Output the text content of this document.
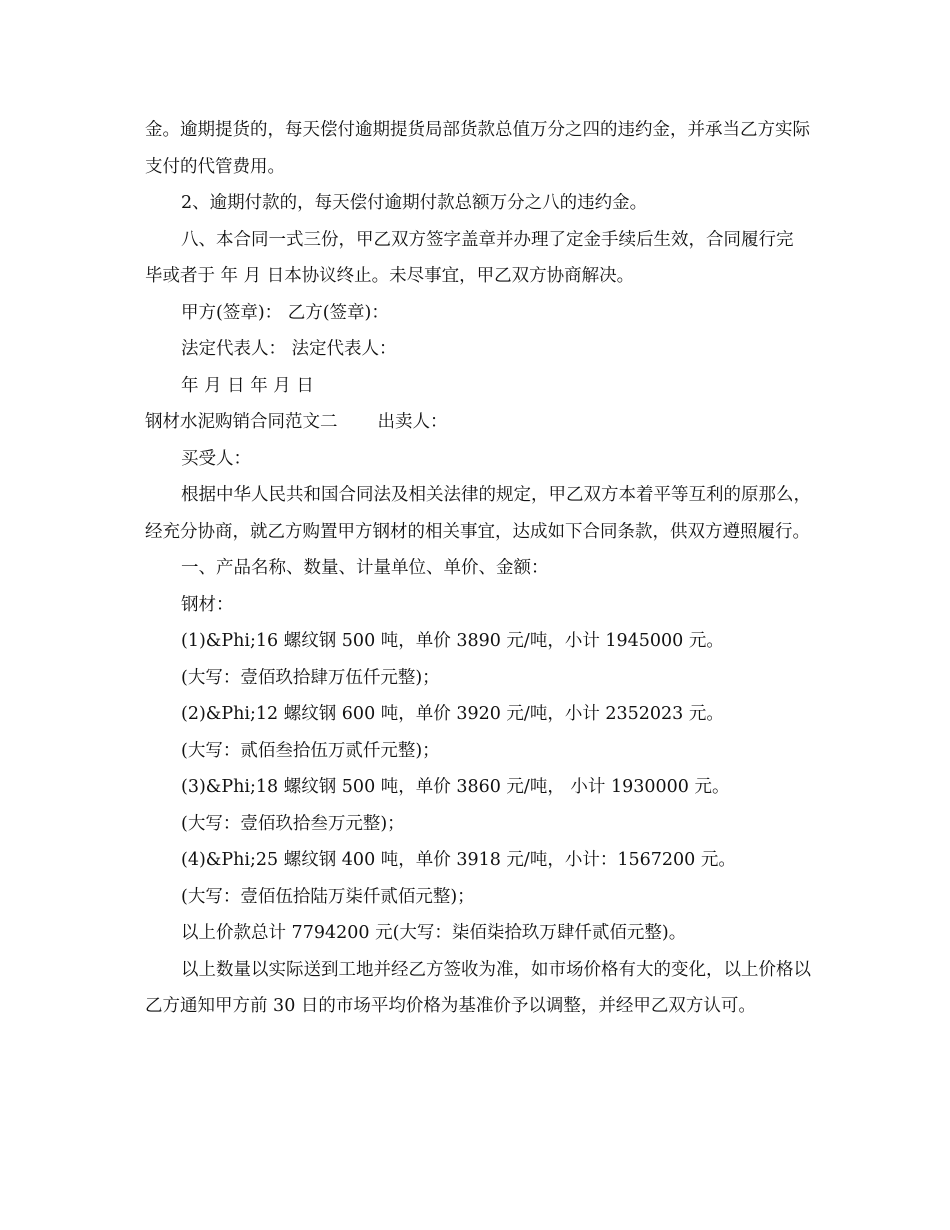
金。逾期提货的，每天偿付逾期提货局部货款总值万分之四的违约金，并承当乙方实际支付的代管费用。

2、逾期付款的，每天偿付逾期付款总额万分之八的违约金。

八、本合同一式三份，甲乙双方签字盖章并办理了定金手续后生效，合同履行完 毕或者于 年 月 日本协议终止。未尽事宜，甲乙双方协商解决。

甲方(签章)： 乙方(签章)：

法定代表人： 法定代表人：

年 月 日 年 月 日

钢材水泥购销合同范文二 出卖人：

买受人：

根据中华人民共和国合同法及相关法律的规定，甲乙双方本着平等互利的原那么，经充分协商，就乙方购置甲方钢材的相关事宜，达成如下合同条款，供双方遵照履行。

一、产品名称、数量、计量单位、单价、金额：

钢材：

(1)&Phi;16 螺纹钢 500 吨，单价 3890 元/吨，小计 1945000 元。

(大写：壹佰玖拾肆万伍仟元整)；

(2)&Phi;12 螺纹钢 600 吨，单价 3920 元/吨，小计 2352023 元。

(大写：贰佰叁拾伍万贰仟元整)；

(3)&Phi;18 螺纹钢 500 吨，单价 3860 元/吨， 小计 1930000 元。

(大写：壹佰玖拾叁万元整)；

(4)&Phi;25 螺纹钢 400 吨，单价 3918 元/吨，小计：1567200 元。

(大写：壹佰伍拾陆万柒仟贰佰元整)；

以上价款总计 7794200 元(大写：柒佰柒拾玖万肆仟贰佰元整)。

以上数量以实际送到工地并经乙方签收为准，如市场价格有大的变化，以上价格以乙方通知甲方前 30 日的市场平均价格为基准价予以调整，并经甲乙双方认可。
